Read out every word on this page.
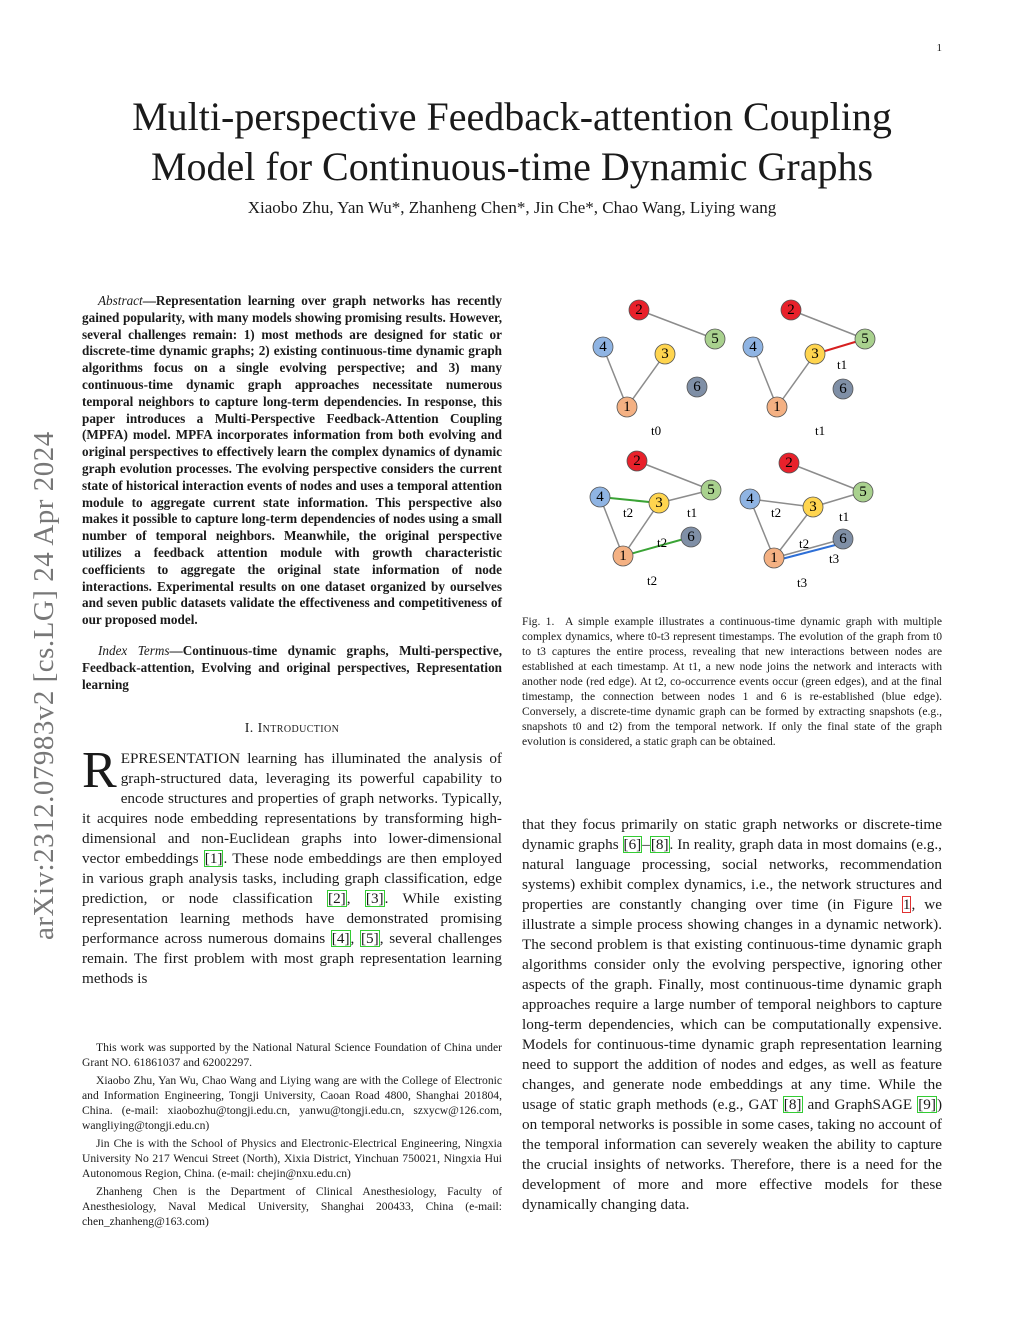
1
arXiv:2312.07983v2 [cs.LG] 24 Apr 2024
Multi-perspective Feedback-attention Coupling
Model for Continuous-time Dynamic Graphs
Xiaobo Zhu, Yan Wu*, Zhanheng Chen*, Jin Che*, Chao Wang, Liying wang

Abstract—Representation learning over graph networks has recently gained popularity, with many models showing promising results. However, several challenges remain: 1) most methods are designed for static or discrete-time dynamic graphs; 2) existing continuous-time dynamic graph algorithms focus on a single evolving perspective; and 3) many continuous-time dynamic graph approaches necessitate numerous temporal neighbors to capture long-term dependencies. In response, this paper introduces a Multi-Perspective Feedback-Attention Coupling (MPFA) model. MPFA incorporates information from both evolving and original perspectives to effectively learn the complex dynamics of dynamic graph evolution processes. The evolving perspective considers the current state of historical interaction events of nodes and uses a temporal attention module to aggregate current state information. This perspective also makes it possible to capture long-term dependencies of nodes using a small number of temporal neighbors. Meanwhile, the original perspective utilizes a feedback attention module with growth characteristic coefficients to aggregate the original state information of node interactions. Experimental results on one dataset organized by ourselves and seven public datasets validate the effectiveness and competitiveness of our proposed model.

Index Terms—Continuous-time dynamic graphs, Multi-perspective, Feedback-attention, Evolving and original perspectives, Representation learning

I. Introduction

REPRESENTATION learning has illuminated the analysis of graph-structured data, leveraging its powerful capability to encode structures and properties of graph networks. Typically, it acquires node embedding representations by transforming high-dimensional and non-Euclidean graphs into lower-dimensional vector embeddings [1]. These node embeddings are then employed in various graph analysis tasks, including graph classification, edge prediction, or node classification [2], [3]. While existing representation learning methods have demonstrated promising performance across numerous domains [4], [5], several challenges remain. The first problem with most graph representation learning methods is

This work was supported by the National Natural Science Foundation of China under Grant NO. 61861037 and 62002297.

Xiaobo Zhu, Yan Wu, Chao Wang and Liying wang are with the College of Electronic and Information Engineering, Tongji University, Caoan Road 4800, Shanghai 201804, China. (e-mail: xiaobozhu@tongji.edu.cn, yanwu@tongji.edu.cn, szxycw@126.com, wangliying@tongji.edu.cn)

Jin Che is with the School of Physics and Electronic-Electrical Engineering, Ningxia University No 217 Wencui Street (North), Xixia District, Yinchuan 750021, Ningxia Hui Autonomous Region, China. (e-mail: chejin@nxu.edu.cn)

Zhanheng Chen is the Department of Clinical Anesthesiology, Faculty of Anesthesiology, Naval Medical University, Shanghai 200433, China (e-mail: chen_zhanheng@163.com)

2
5
4	3
6
1
t0
2
5
4	3
6
1
t1
t1
2
5
4	3
6
1
t2	t1
t2
t2
2
5
4	3
6
1
t2	t1
t2
t3
t3

Fig. 1. A simple example illustrates a continuous-time dynamic graph with multiple complex dynamics, where t0-t3 represent timestamps. The evolution of the graph from t0 to t3 captures the entire process, revealing that new interactions between nodes are established at each timestamp. At t1, a new node joins the network and interacts with another node (red edge). At t2, co-occurrence events occur (green edges), and at the final timestamp, the connection between nodes 1 and 6 is re-established (blue edge). Conversely, a discrete-time dynamic graph can be formed by extracting snapshots (e.g., snapshots t0 and t2) from the temporal network. If only the final state of the graph evolution is considered, a static graph can be obtained.

that they focus primarily on static graph networks or discrete-time dynamic graphs [6]–[8]. In reality, graph data in most domains (e.g., natural language processing, social networks, recommendation systems) exhibit complex dynamics, i.e., the network structures and properties are constantly changing over time (in Figure 1, we illustrate a simple process showing changes in a dynamic network). The second problem is that existing continuous-time dynamic graph algorithms consider only the evolving perspective, ignoring other aspects of the graph. Finally, most continuous-time dynamic graph approaches require a large number of temporal neighbors to capture long-term dependencies, which can be computationally expensive. Models for continuous-time dynamic graph representation learning need to support the addition of nodes and edges, as well as feature changes, and generate node embeddings at any time. While the usage of static graph methods (e.g., GAT [8] and GraphSAGE [9]) on temporal networks is possible in some cases, taking no account of the temporal information can severely weaken the ability to capture the crucial insights of networks. Therefore, there is a need for the development of more and more effective models for these dynamically changing data.
